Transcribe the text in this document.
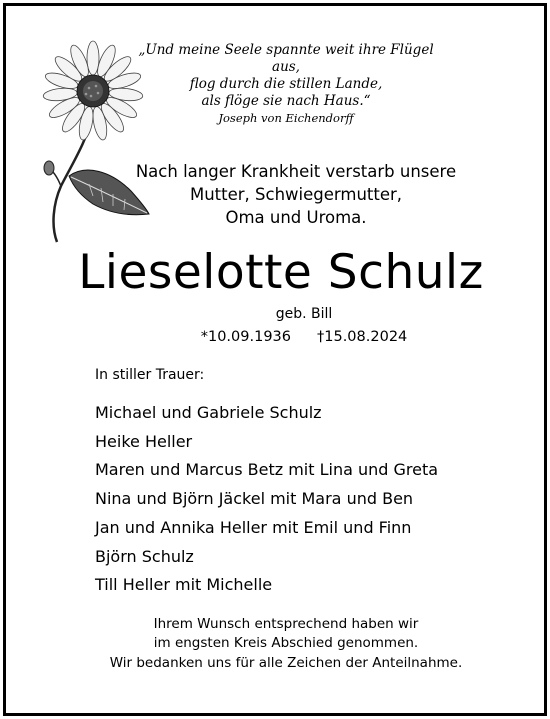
„Und meine Seele spannte weit ihre Flügel aus,
flog durch die stillen Lande,
als flöge sie nach Haus.“
Joseph von Eichendorff
Nach langer Krankheit verstarb unsere
Mutter, Schwiegermutter,
Oma und Uroma.
Lieselotte Schulz
geb. Bill
*10.09.1936 †15.08.2024
In stiller Trauer:
Michael und Gabriele Schulz
Heike Heller
Maren und Marcus Betz mit Lina und Greta
Nina und Björn Jäckel mit Mara und Ben
Jan und Annika Heller mit Emil und Finn
Björn Schulz
Till Heller mit Michelle
Ihrem Wunsch entsprechend haben wir
im engsten Kreis Abschied genommen.
Wir bedanken uns für alle Zeichen der Anteilnahme.
